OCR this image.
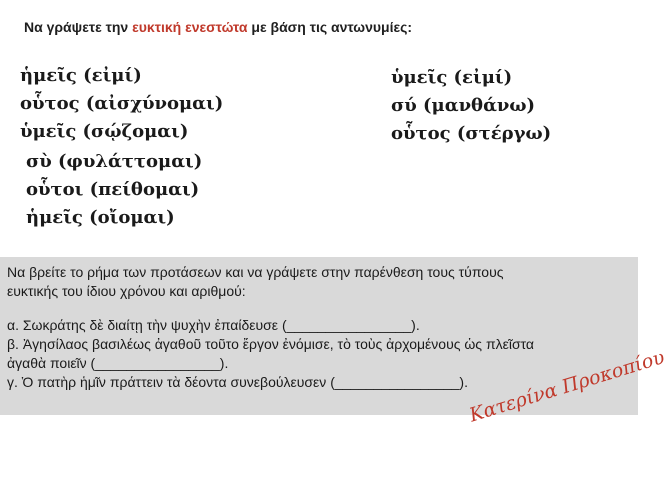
Να γράψετε την ευκτική ενεστώτα με βάση τις αντωνυμίες:
ἡμεῖς (εἰμί)
οὗτος (αἰσχύνομαι)
ὑμεῖς (σῴζομαι)
σὺ (φυλάττομαι)
οὗτοι (πείθομαι)
ἡμεῖς (οἴομαι)
ὑμεῖς (εἰμί)
σύ (μανθάνω)
οὗτος (στέργω)
Να βρείτε το ρήμα των προτάσεων και να γράψετε στην παρένθεση τους τύπους
ευκτικής του ίδιου χρόνου και αριθμού:
α. Σωκράτης δὲ διαίτῃ τὴν ψυχὴν ἐπαίδευσε (________________).
β. Ἀγησίλαος βασιλέως ἀγαθοῦ τοῦτο ἔργον ἐνόμισε, τὸ τοὺς ἀρχομένους ὡς πλεῖστα
ἀγαθὰ ποιεῖν (________________).
γ. Ὁ πατὴρ ἡμῖν πράττειν τὰ δέοντα συνεβούλευσεν (________________).
Κατερίνα Προκοπίου
